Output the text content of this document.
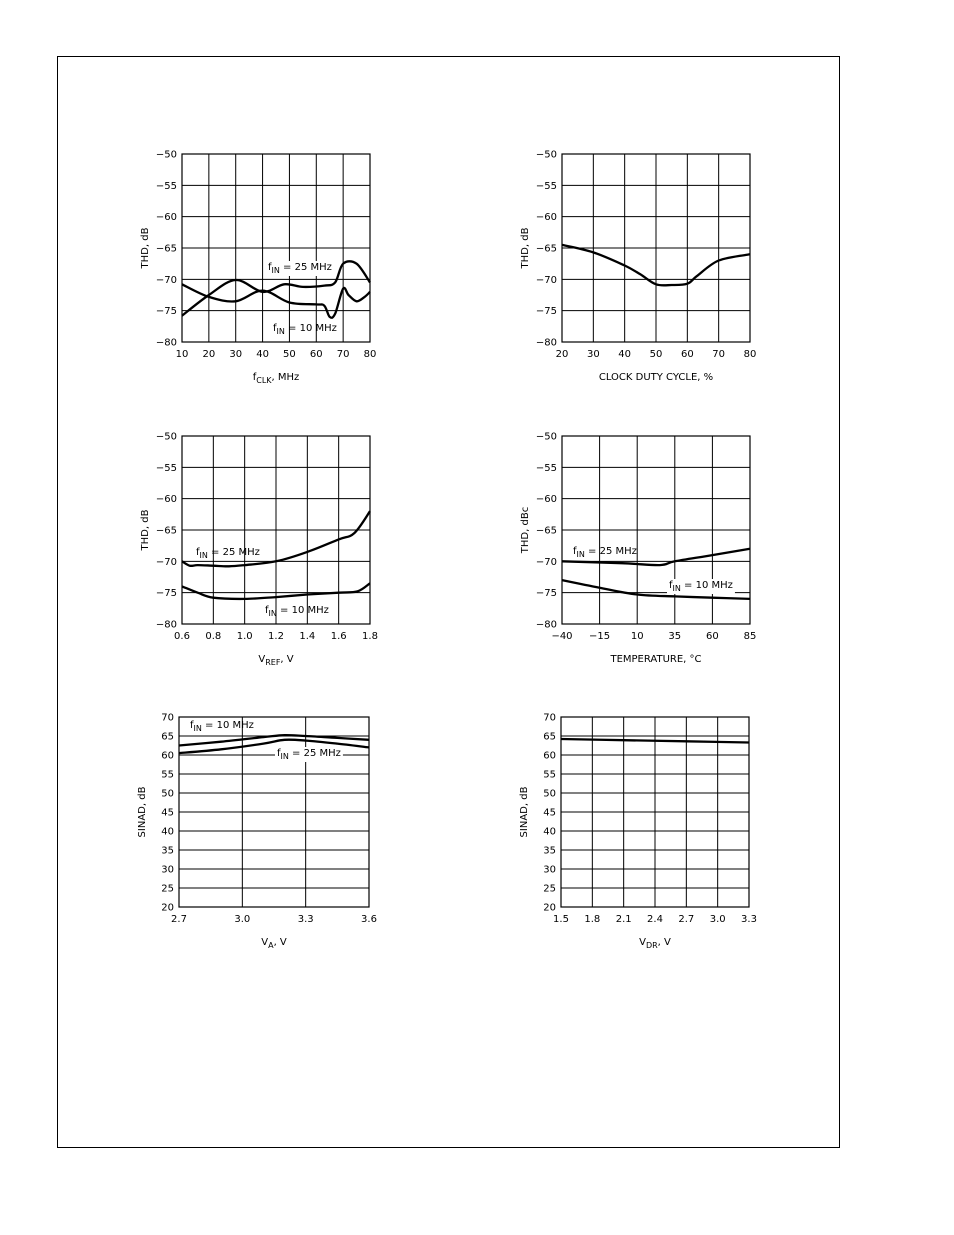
−80
−75
−70
−65
−60
−55
−50
10 20 30 40 50 60 70 80
THD, dB
$f_{CLK}$, MHz
$f_{IN} = 25$ MHz
$f_{IN} = 10$ MHz
−80
−75
−70
−65
−60
−55
−50
20 30 40 50 60 70 80
THD, dB
CLOCK DUTY CYCLE, %
−80
−75
−70
−65
−60
−55
−50
0.6 0.8 1.0 1.2 1.4 1.6 1.8
THD, dB
$V_{REF}$, V
$f_{IN} = 25$ MHz
$f_{IN} = 10$ MHz
−80
−75
−70
−65
−60
−55
−50
−40 −15 10 35 60 85
THD, dBc
TEMPERATURE, °C
$f_{IN} = 25$ MHz
$f_{IN} = 10$ MHz
20
25
30
35
40
45
50
55
60
65
70
2.7	3.0	3.3	3.6
SINAD, dB
$V_A$, V
$f_{IN} = 10$ MHz
$f_{IN} = 25$ MHz
20
25
30
35
40
45
50
55
60
65
70
1.5 1.8 2.1 2.4 2.7 3.0 3.3
SINAD, dB
$V_{DR}$, V
